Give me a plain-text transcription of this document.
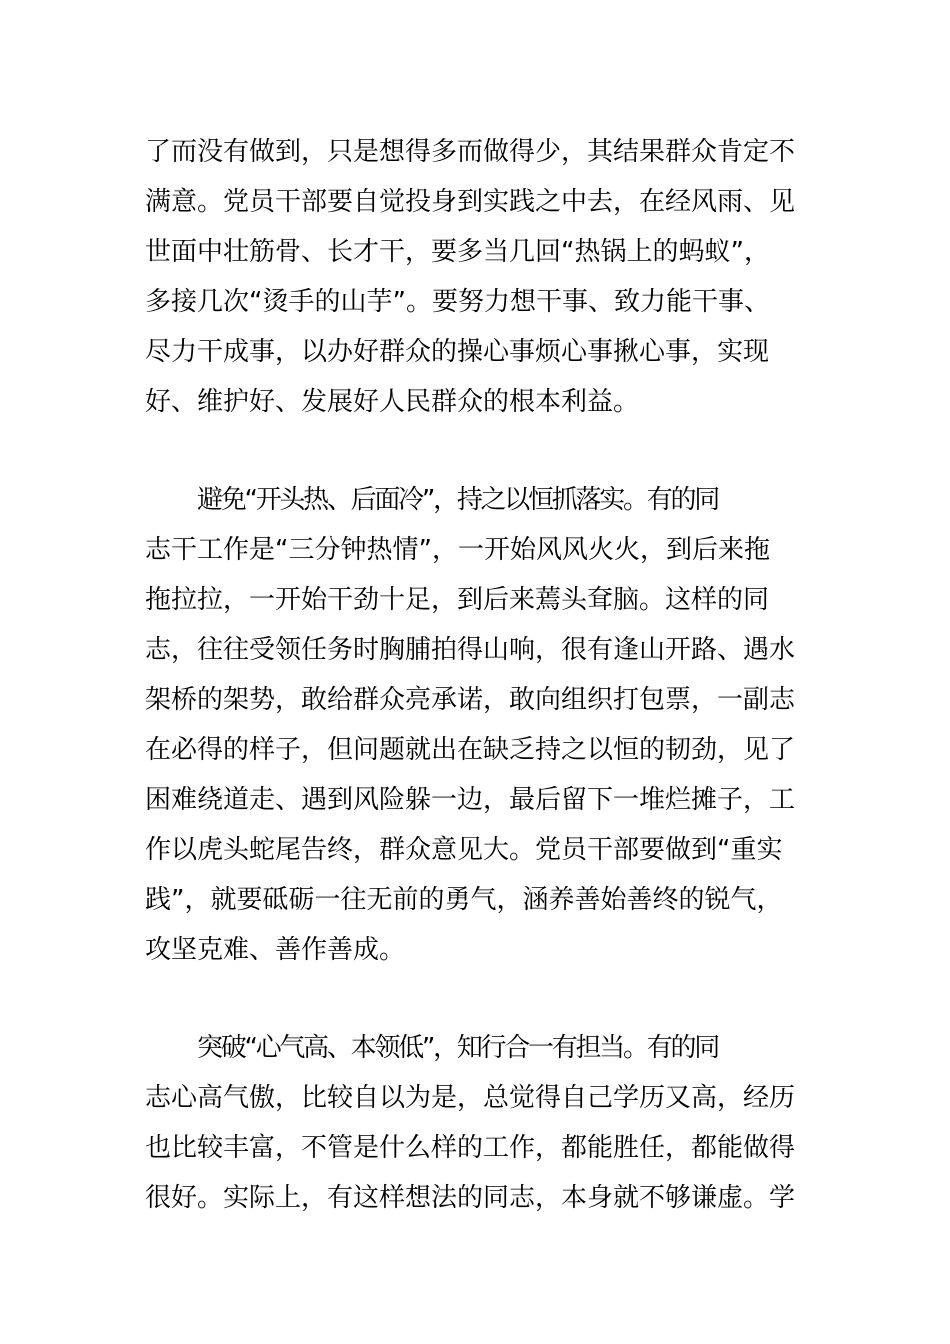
了而没有做到，只是想得多而做得少，其结果群众肯定不
满意。党员干部要自觉投身到实践之中去，在经风雨、见
世面中壮筋骨、长才干，要多当几回“热锅上的蚂蚁”，
多接几次“烫手的山芋”。要努力想干事、致力能干事、
尽力干成事，以办好群众的操心事烦心事揪心事，实现
好、维护好、发展好人民群众的根本利益。
避免“开头热、后面冷”，持之以恒抓落实。有的同
志干工作是“三分钟热情”，一开始风风火火，到后来拖
拖拉拉，一开始干劲十足，到后来蔫头耷脑。这样的同
志，往往受领任务时胸脯拍得山响，很有逢山开路、遇水
架桥的架势，敢给群众亮承诺，敢向组织打包票，一副志
在必得的样子，但问题就出在缺乏持之以恒的韧劲，见了
困难绕道走、遇到风险躲一边，最后留下一堆烂摊子，工
作以虎头蛇尾告终，群众意见大。党员干部要做到“重实
践”，就要砥砺一往无前的勇气，涵养善始善终的锐气，
攻坚克难、善作善成。
突破“心气高、本领低”，知行合一有担当。有的同
志心高气傲，比较自以为是，总觉得自己学历又高，经历
也比较丰富，不管是什么样的工作，都能胜任，都能做得
很好。实际上，有这样想法的同志，本身就不够谦虚。学
